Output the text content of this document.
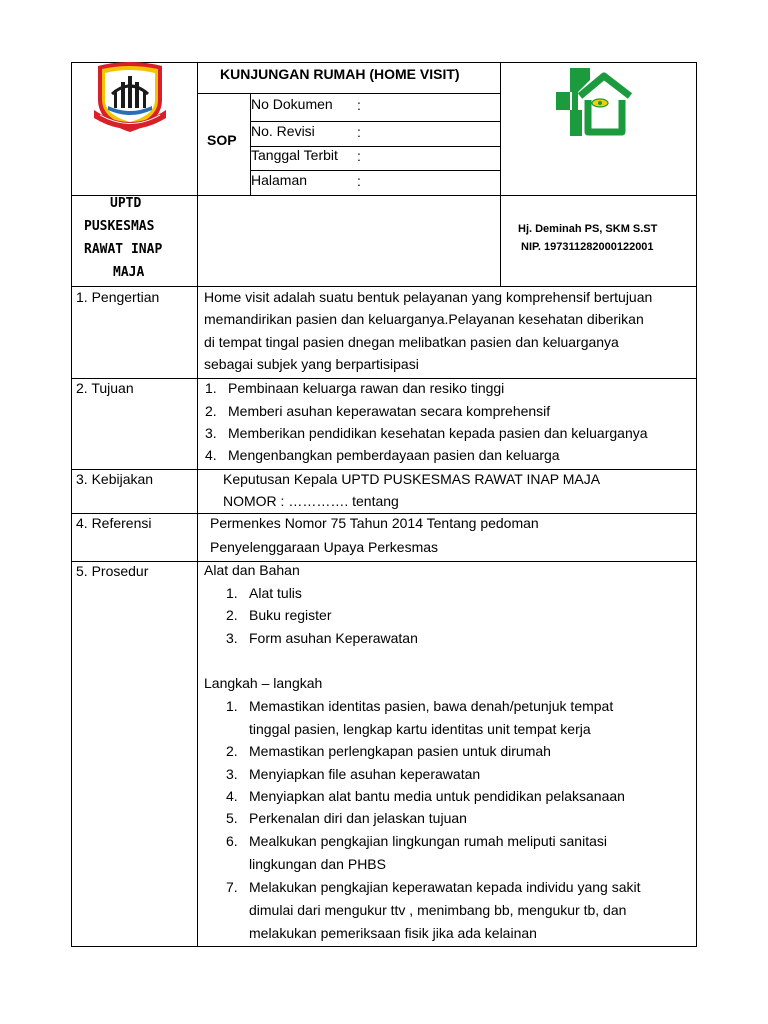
KUNJUNGAN RUMAH (HOME VISIT)
SOP
No Dokumen :
No. Revisi	:
Tanggal Terbit :
Halaman	:
UPTD
PUSKESMAS
RAWAT INAP
MAJA
Hj. Deminah PS, SKM S.ST
NIP. 197311282000122001
1. Pengertian
2. Tujuan
3. Kebijakan
4. Referensi
5. Prosedur
Home visit adalah suatu bentuk pelayanan yang komprehensif bertujuan
memandirikan pasien dan keluarganya.Pelayanan kesehatan diberikan
di tempat tingal pasien dnegan melibatkan pasien dan keluarganya
sebagai subjek yang berpartisipasi
1. Pembinaan keluarga rawan dan resiko tinggi
2. Memberi asuhan keperawatan secara komprehensif
3. Memberikan pendidikan kesehatan kepada pasien dan keluarganya
4. Mengenbangkan pemberdayaan pasien dan keluarga
Keputusan Kepala UPTD PUSKESMAS RAWAT INAP MAJA
NOMOR : …………. tentang
Permenkes Nomor 75 Tahun 2014 Tentang pedoman
Penyelenggaraan Upaya Perkesmas
Alat dan Bahan
1. Alat tulis
2. Buku register
3. Form asuhan Keperawatan
Langkah – langkah
1. Memastikan identitas pasien, bawa denah/petunjuk tempat
tinggal pasien, lengkap kartu identitas unit tempat kerja
2. Memastikan perlengkapan pasien untuk dirumah
3. Menyiapkan file asuhan keperawatan
4. Menyiapkan alat bantu media untuk pendidikan pelaksanaan
5. Perkenalan diri dan jelaskan tujuan
6. Mealkukan pengkajian lingkungan rumah meliputi sanitasi
lingkungan dan PHBS
7. Melakukan pengkajian keperawatan kepada individu yang sakit
dimulai dari mengukur ttv , menimbang bb, mengukur tb, dan
melakukan pemeriksaan fisik jika ada kelainan
